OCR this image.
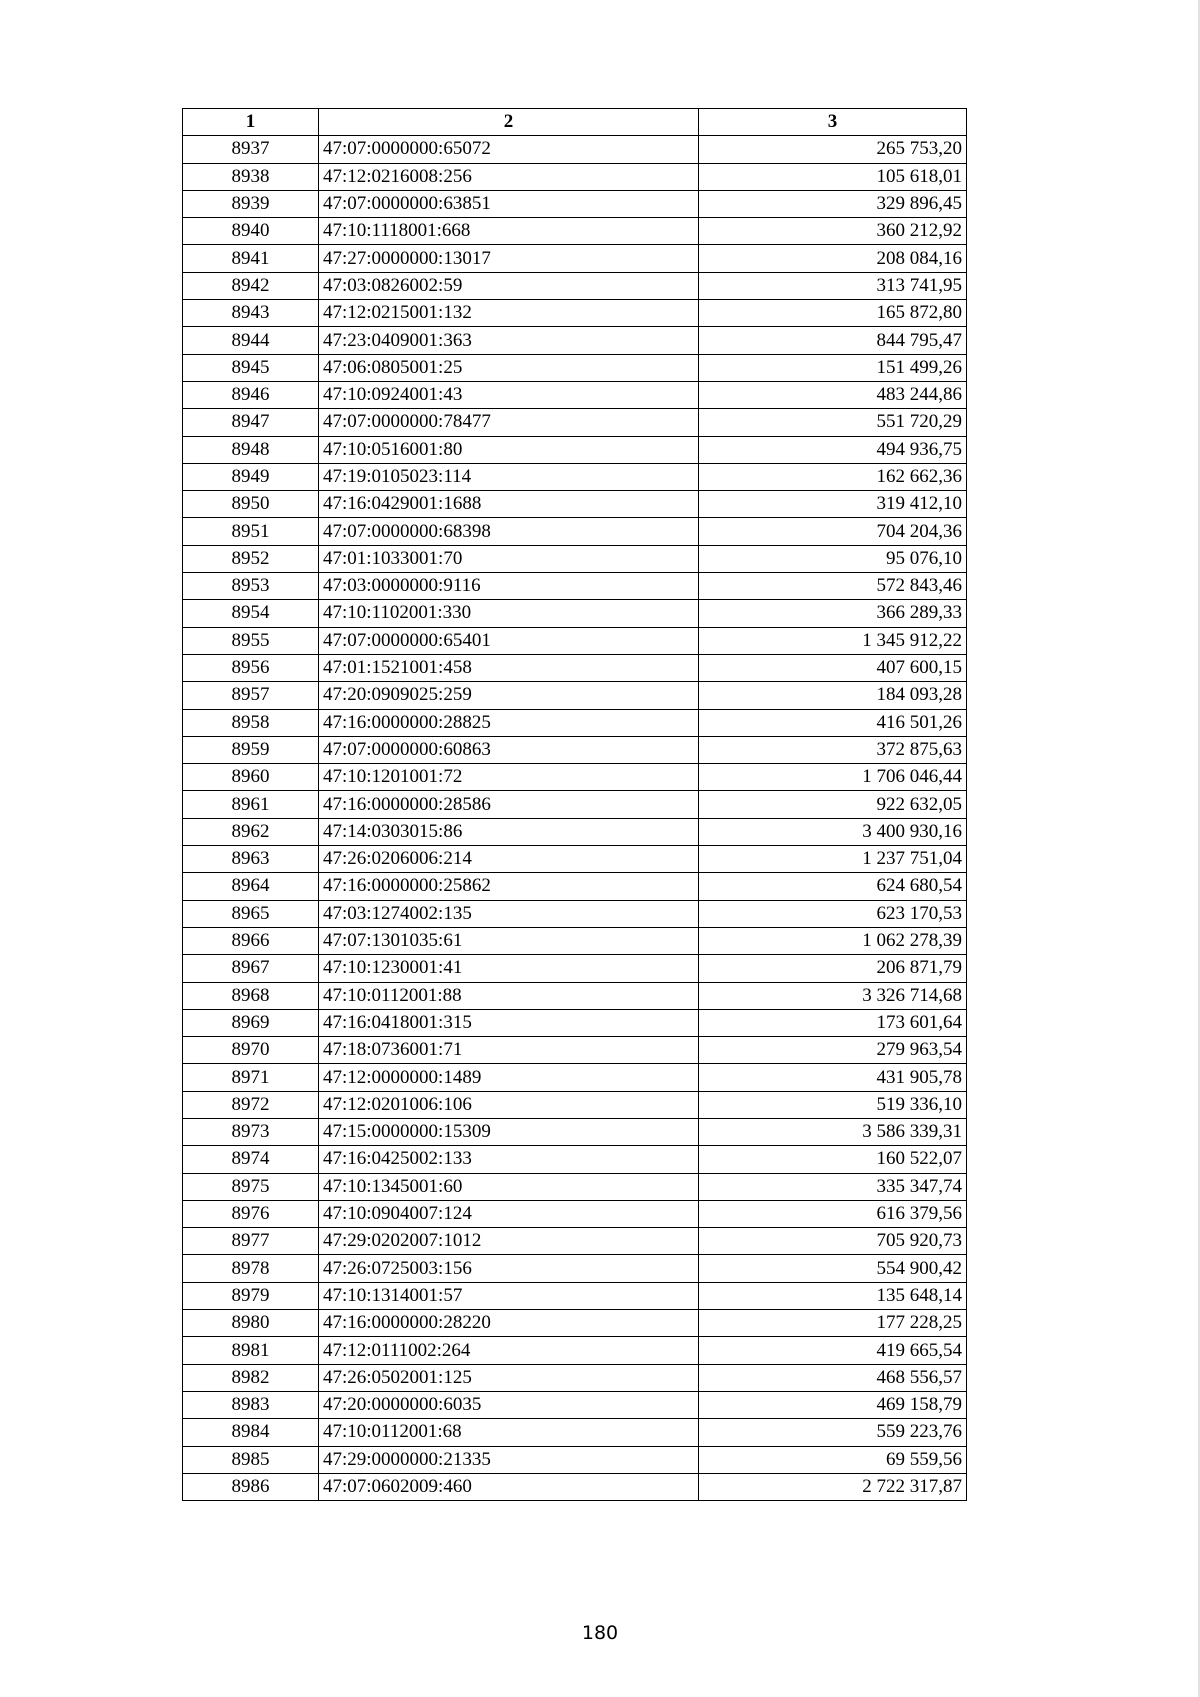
1	2	3
8937	47:07:0000000:65072	265 753,20
8938	47:12:0216008:256	105 618,01
8939	47:07:0000000:63851	329 896,45
8940	47:10:1118001:668	360 212,92
8941	47:27:0000000:13017	208 084,16
8942	47:03:0826002:59	313 741,95
8943	47:12:0215001:132	165 872,80
8944	47:23:0409001:363	844 795,47
8945	47:06:0805001:25	151 499,26
8946	47:10:0924001:43	483 244,86
8947	47:07:0000000:78477	551 720,29
8948	47:10:0516001:80	494 936,75
8949	47:19:0105023:114	162 662,36
8950	47:16:0429001:1688	319 412,10
8951	47:07:0000000:68398	704 204,36
8952	47:01:1033001:70	95 076,10
8953	47:03:0000000:9116	572 843,46
8954	47:10:1102001:330	366 289,33
8955	47:07:0000000:65401	1 345 912,22
8956	47:01:1521001:458	407 600,15
8957	47:20:0909025:259	184 093,28
8958	47:16:0000000:28825	416 501,26
8959	47:07:0000000:60863	372 875,63
8960	47:10:1201001:72	1 706 046,44
8961	47:16:0000000:28586	922 632,05
8962	47:14:0303015:86	3 400 930,16
8963	47:26:0206006:214	1 237 751,04
8964	47:16:0000000:25862	624 680,54
8965	47:03:1274002:135	623 170,53
8966	47:07:1301035:61	1 062 278,39
8967	47:10:1230001:41	206 871,79
8968	47:10:0112001:88	3 326 714,68
8969	47:16:0418001:315	173 601,64
8970	47:18:0736001:71	279 963,54
8971	47:12:0000000:1489	431 905,78
8972	47:12:0201006:106	519 336,10
8973	47:15:0000000:15309	3 586 339,31
8974	47:16:0425002:133	160 522,07
8975	47:10:1345001:60	335 347,74
8976	47:10:0904007:124	616 379,56
8977	47:29:0202007:1012	705 920,73
8978	47:26:0725003:156	554 900,42
8979	47:10:1314001:57	135 648,14
8980	47:16:0000000:28220	177 228,25
8981	47:12:0111002:264	419 665,54
8982	47:26:0502001:125	468 556,57
8983	47:20:0000000:6035	469 158,79
8984	47:10:0112001:68	559 223,76
8985	47:29:0000000:21335	69 559,56
8986	47:07:0602009:460	2 722 317,87
180
